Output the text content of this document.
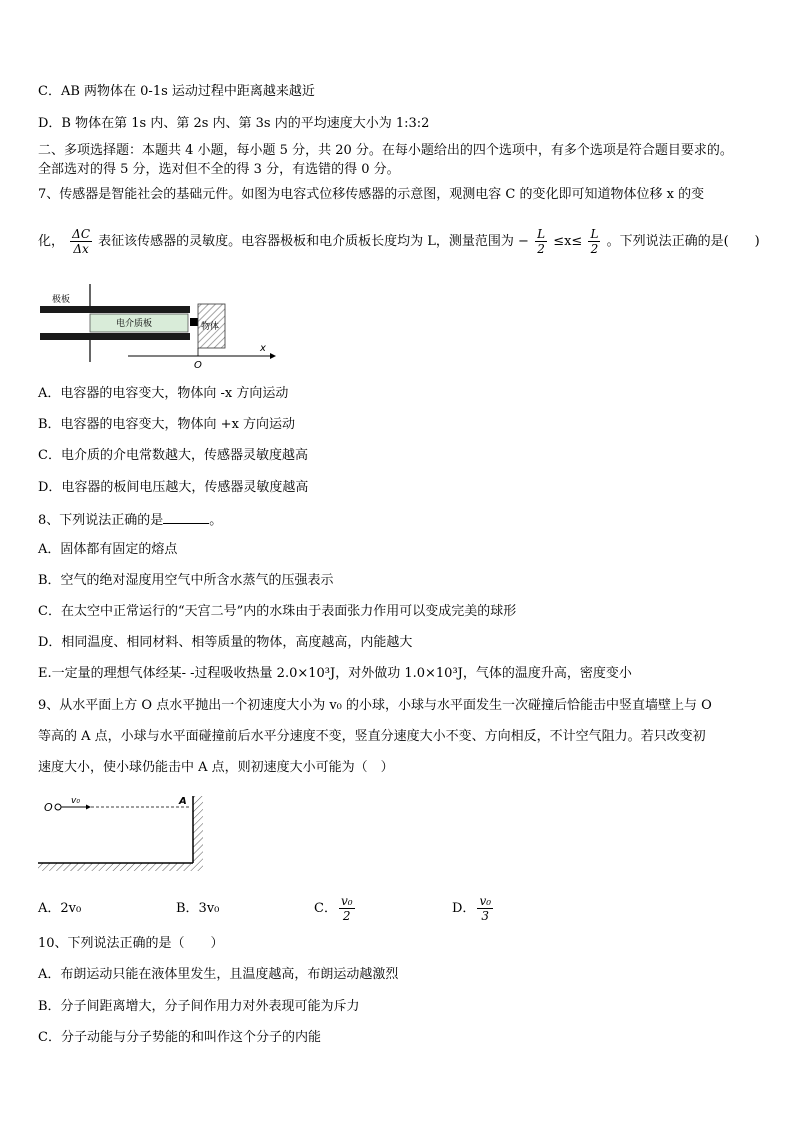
C．AB 两物体在 0-1s 运动过程中距离越来越近
D．B 物体在第 1s 内、第 2s 内、第 3s 内的平均速度大小为 1:3:2
二、多项选择题：本题共 4 小题，每小题 5 分，共 20 分。在每小题给出的四个选项中，有多个选项是符合题目要求的。
全部选对的得 5 分，选对但不全的得 3 分，有选错的得 0 分。
7、传感器是智能社会的基础元件。如图为电容式位移传感器的示意图，观测电容 C 的变化即可知道物体位移 x 的变
化， $\frac{\Delta C}{\Delta x}$ 表征该传感器的灵敏度。电容器极板和电介质板长度均为 L，测量范围为 − $\frac{L}{2} \le x\le \frac{L}{2}$ 。下列说法正确的是(　　)
极板
电介质板	物体
O
x
A．电容器的电容变大，物体向 -x 方向运动
B．电容器的电容变大，物体向 +x 方向运动
C．电介质的介电常数越大，传感器灵敏度越高
D．电容器的板间电压越大，传感器灵敏度越高
8、下列说法正确的是	。
A．固体都有固定的熔点
B．空气的绝对湿度用空气中所含水蒸气的压强表示
C．在太空中正常运行的“天宫二号”内的水珠由于表面张力作用可以变成完美的球形
D．相同温度、相同材料、相等质量的物体，高度越高，内能越大
E.一定量的理想气体经某- -过程吸收热量 2.0×10³J，对外做功 1.0×10³J，气体的温度升高，密度变小
9、从水平面上方 O 点水平抛出一个初速度大小为 v₀ 的小球，小球与水平面发生一次碰撞后恰能击中竖直墙壁上与 O
等高的 A 点，小球与水平面碰撞前后水平分速度不变，竖直分速度大小不变、方向相反，不计空气阻力。若只改变初
速度大小，使小球仍能击中 A 点，则初速度大小可能为（　）
O v₀	A
A．2v₀	B．3v₀	C． $\frac{\text{v₀}}{2}$	D． $\frac{\text{v₀}}{3}$
10、下列说法正确的是（　　）
A．布朗运动只能在液体里发生，且温度越高，布朗运动越激烈
B．分子间距离增大，分子间作用力对外表现可能为斥力
C．分子动能与分子势能的和叫作这个分子的内能
